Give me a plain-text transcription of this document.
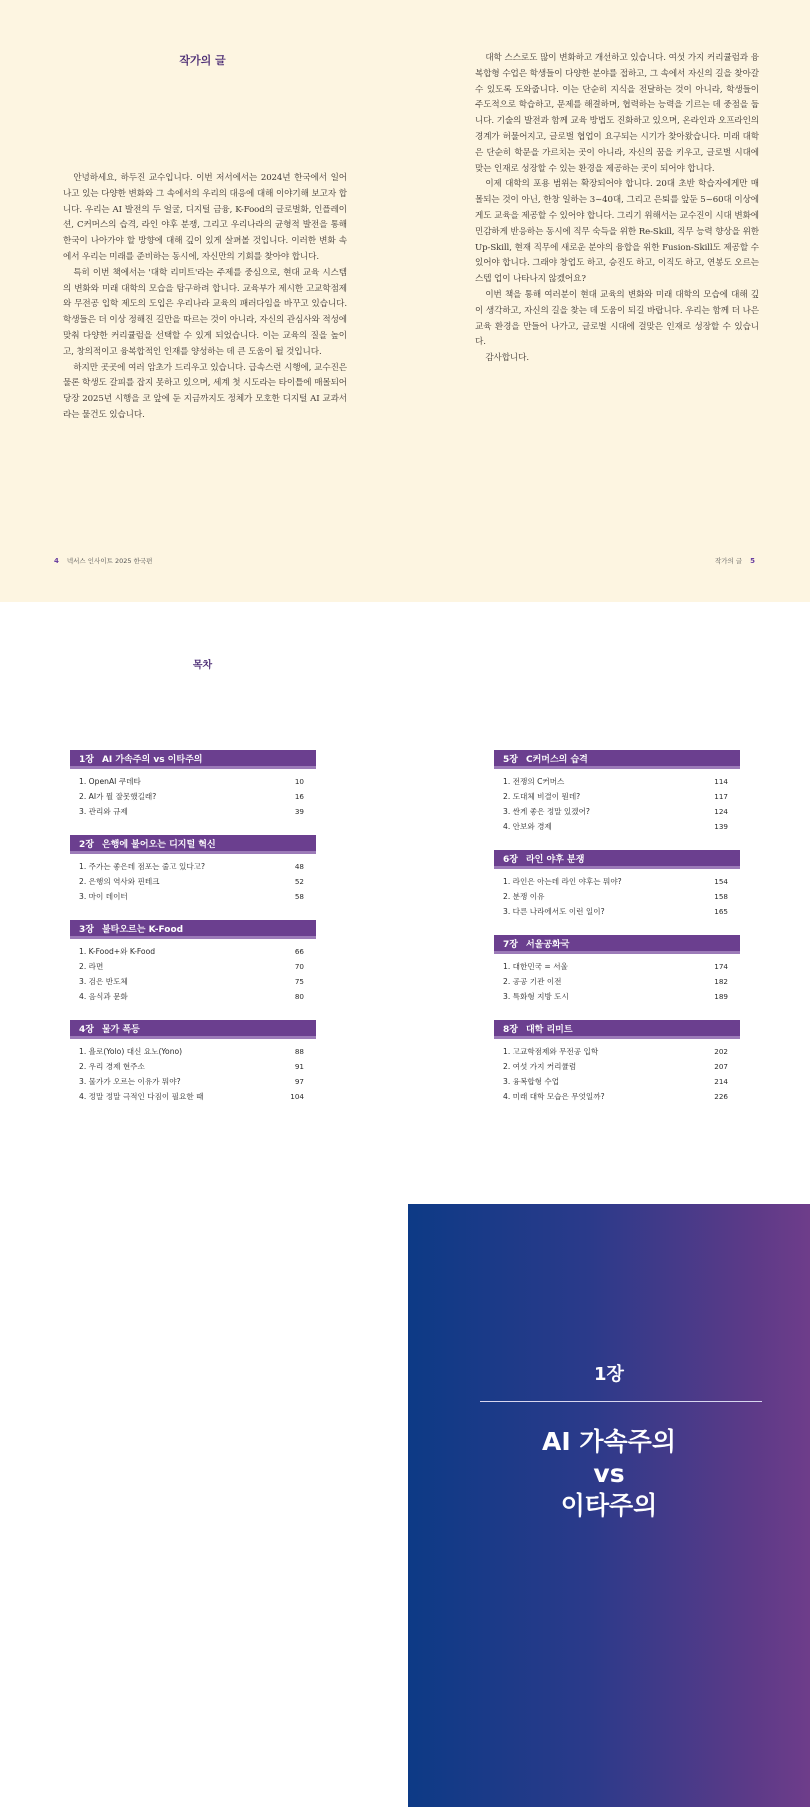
작가의 글

안녕하세요, 하두진 교수입니다. 이번 저서에서는 2024년 한국에서 일어나고 있는 다양한 변화와 그 속에서의 우리의 대응에 대해 이야기해 보고자 합니다. 우리는 AI 발전의 두 얼굴, 디지털 금융, K-Food의 글로벌화, 인플레이션, C커머스의 습격, 라인 야후 분쟁, 그리고 우리나라의 균형적 발전을 통해 한국이 나아가야 할 방향에 대해 깊이 있게 살펴볼 것입니다. 이러한 변화 속에서 우리는 미래를 준비하는 동시에, 자신만의 기회를 찾아야 합니다.

특히 이번 책에서는 '대학 리미트'라는 주제를 중심으로, 현대 교육 시스템의 변화와 미래 대학의 모습을 탐구하려 합니다. 교육부가 제시한 고교학점제와 무전공 입학 제도의 도입은 우리나라 교육의 패러다임을 바꾸고 있습니다. 학생들은 더 이상 정해진 길만을 따르는 것이 아니라, 자신의 관심사와 적성에 맞춰 다양한 커리큘럼을 선택할 수 있게 되었습니다. 이는 교육의 질을 높이고, 창의적이고 융복합적인 인재를 양성하는 데 큰 도움이 될 것입니다.

하지만 곳곳에 여러 암초가 드리우고 있습니다. 급속스런 시행에, 교수진은 물론 학생도 갈피를 잡지 못하고 있으며, 세계 첫 시도라는 타이틀에 매몰되어 당장 2025년 시행을 코 앞에 둔 지금까지도 정체가 모호한 디지털 AI 교과서라는 물건도 있습니다.

대학 스스로도 많이 변화하고 개선하고 있습니다. 여섯 가지 커리큘럼과 융복합형 수업은 학생들이 다양한 분야를 접하고, 그 속에서 자신의 길을 찾아갈 수 있도록 도와줍니다. 이는 단순히 지식을 전달하는 것이 아니라, 학생들이 주도적으로 학습하고, 문제를 해결하며, 협력하는 능력을 기르는 데 중점을 둡니다. 기술의 발전과 함께 교육 방법도 진화하고 있으며, 온라인과 오프라인의 경계가 허물어지고, 글로벌 협업이 요구되는 시기가 찾아왔습니다. 미래 대학은 단순히 학문을 가르치는 곳이 아니라, 자신의 꿈을 키우고, 글로벌 시대에 맞는 인재로 성장할 수 있는 환경을 제공하는 곳이 되어야 합니다.

이제 대학의 포용 범위는 확장되어야 합니다. 20대 초반 학습자에게만 매몰되는 것이 아닌, 한창 일하는 3~40대, 그리고 은퇴를 앞둔 5~60대 이상에게도 교육을 제공할 수 있어야 합니다. 그리기 위해서는 교수진이 시대 변화에 민감하게 반응하는 동시에 직무 숙득을 위한 Re-Skill, 직무 능력 향상을 위한 Up-Skill, 현재 직무에 새로운 분야의 융합을 위한 Fusion-Skill도 제공할 수 있어야 합니다. 그래야 창업도 하고, 승진도 하고, 이직도 하고, 연봉도 오르는 스텝 업이 나타나지 않겠어요?

이번 책을 통해 여러분이 현대 교육의 변화와 미래 대학의 모습에 대해 깊이 생각하고, 자신의 길을 찾는 데 도움이 되길 바랍니다. 우리는 함께 더 나은 교육 환경을 만들어 나가고, 글로벌 시대에 걸맞은 인재로 성장할 수 있습니다.

감사합니다.

4 넥서스 인사이트 2025 한국편	작가의 글 5
목차
1장 AI 가속주의 vs 이타주의
1. OpenAI 쿠데타	10
2. AI가 뭘 잘못했길래?	16
3. 관리와 규제	39
2장 은행에 불어오는 디지털 혁신
1. 주가는 좋은데 점포는 줄고 있다고?	48
2. 은행의 역사와 핀테크	52
3. 마이 데이터	58
3장 불타오르는 K-Food
1. K-Food+와 K-Food	66
2. 라면	70
3. 검은 반도체	75
4. 음식과 문화	80
4장 물가 폭등
1. 욜로(Yolo) 대신 요노(Yono)	88
2. 우리 경제 현주소	91
3. 물가가 오르는 이유가 뭐야?	97
4. 정말 정말 극적인 다짐이 필요한 때	104
5장 C커머스의 습격
1. 전쟁의 C커머스	114
2. 도대체 비결이 뭔데?	117
3. 싼게 좋은 정말 있겠어?	124
4. 안보와 경제	139
6장 라인 야후 분쟁
1. 라인은 아는데 라인 야후는 뭐야?	154
2. 분쟁 이유	158
3. 다른 나라에서도 이런 일이?	165
7장 서울공화국
1. 대한민국 = 서울	174
2. 공공 기관 이전	182
3. 특화형 지방 도시	189
8장 대학 리미트
1. 고교학점제와 무전공 입학	202
2. 여섯 가지 커리큘럼	207
3. 융복합형 수업	214
4. 미래 대학 모습은 무엇일까?	226
1장
AI 가속주의
vs
이타주의
